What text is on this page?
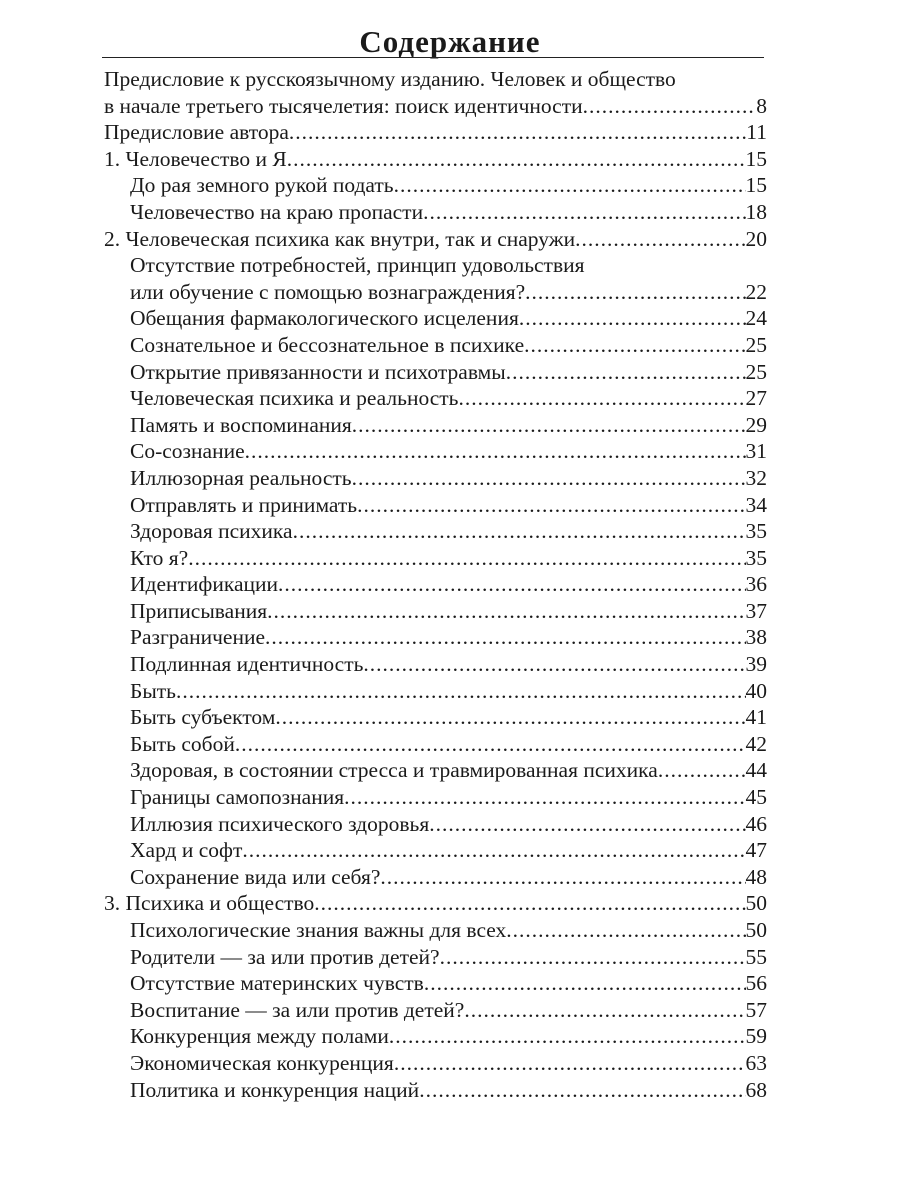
Содержание
Предисловие к русскоязычному изданию. Человек и общество
в начале третьего тысячелетия: поиск идентичности .....	8
Предисловие автора .....	11
1. Человечество и Я .....	15
До рая земного рукой подать .....	15
Человечество на краю пропасти .....	18
2. Человеческая психика как внутри, так и снаружи .....	20
Отсутствие потребностей, принцип удовольствия
или обучение с помощью вознаграждения? .....	22
Обещания фармакологического исцеления .....	24
Сознательное и бессознательное в психике .....	25
Открытие привязанности и психотравмы .....	25
Человеческая психика и реальность .....	27
Память и воспоминания .....	29
Со-сознание .....	31
Иллюзорная реальность .....	32
Отправлять и принимать .....	34
Здоровая психика .....	35
Кто я? .....	35
Идентификации .....	36
Приписывания .....	37
Разграничение .....	38
Подлинная идентичность .....	39
Быть .....	40
Быть субъектом .....	41
Быть собой .....	42
Здоровая, в состоянии стресса и травмированная психика .....	44
Границы самопознания .....	45
Иллюзия психического здоровья .....	46
Хард и софт .....	47
Сохранение вида или себя? .....	48
3. Психика и общество .....	50
Психологические знания важны для всех .....	50
Родители — за или против детей? .....	55
Отсутствие материнских чувств .....	56
Воспитание — за или против детей? .....	57
Конкуренция между полами .....	59
Экономическая конкуренция .....	63
Политика и конкуренция наций .....	68
